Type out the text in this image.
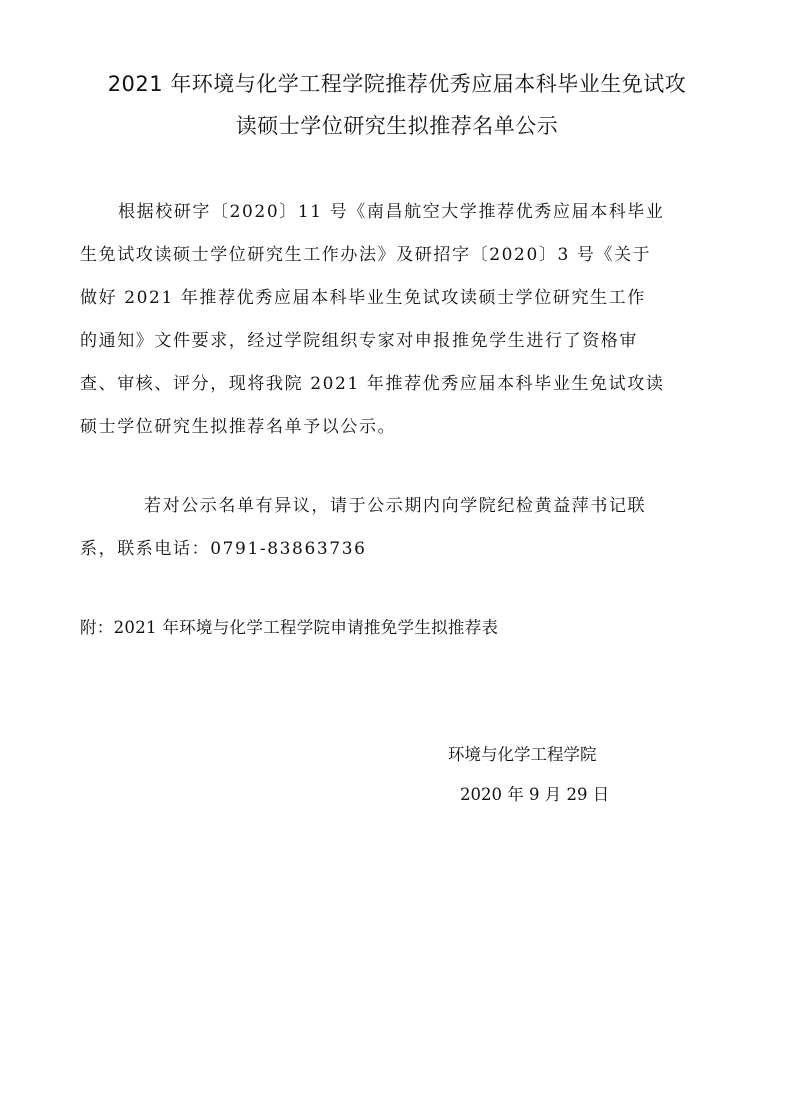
2021 年环境与化学工程学院推荐优秀应届本科毕业生免试攻
读硕士学位研究生拟推荐名单公示
根据校研字〔2020〕11 号《南昌航空大学推荐优秀应届本科毕业
生免试攻读硕士学位研究生工作办法》及研招字〔2020〕3 号《关于
做好 2021 年推荐优秀应届本科毕业生免试攻读硕士学位研究生工作
的通知》文件要求，经过学院组织专家对申报推免学生进行了资格审
查、审核、评分，现将我院 2021 年推荐优秀应届本科毕业生免试攻读
硕士学位研究生拟推荐名单予以公示。
若对公示名单有异议，请于公示期内向学院纪检黄益萍书记联
系，联系电话：0791-83863736
附：2021 年环境与化学工程学院申请推免学生拟推荐表
环境与化学工程学院
2020 年 9 月 29 日
